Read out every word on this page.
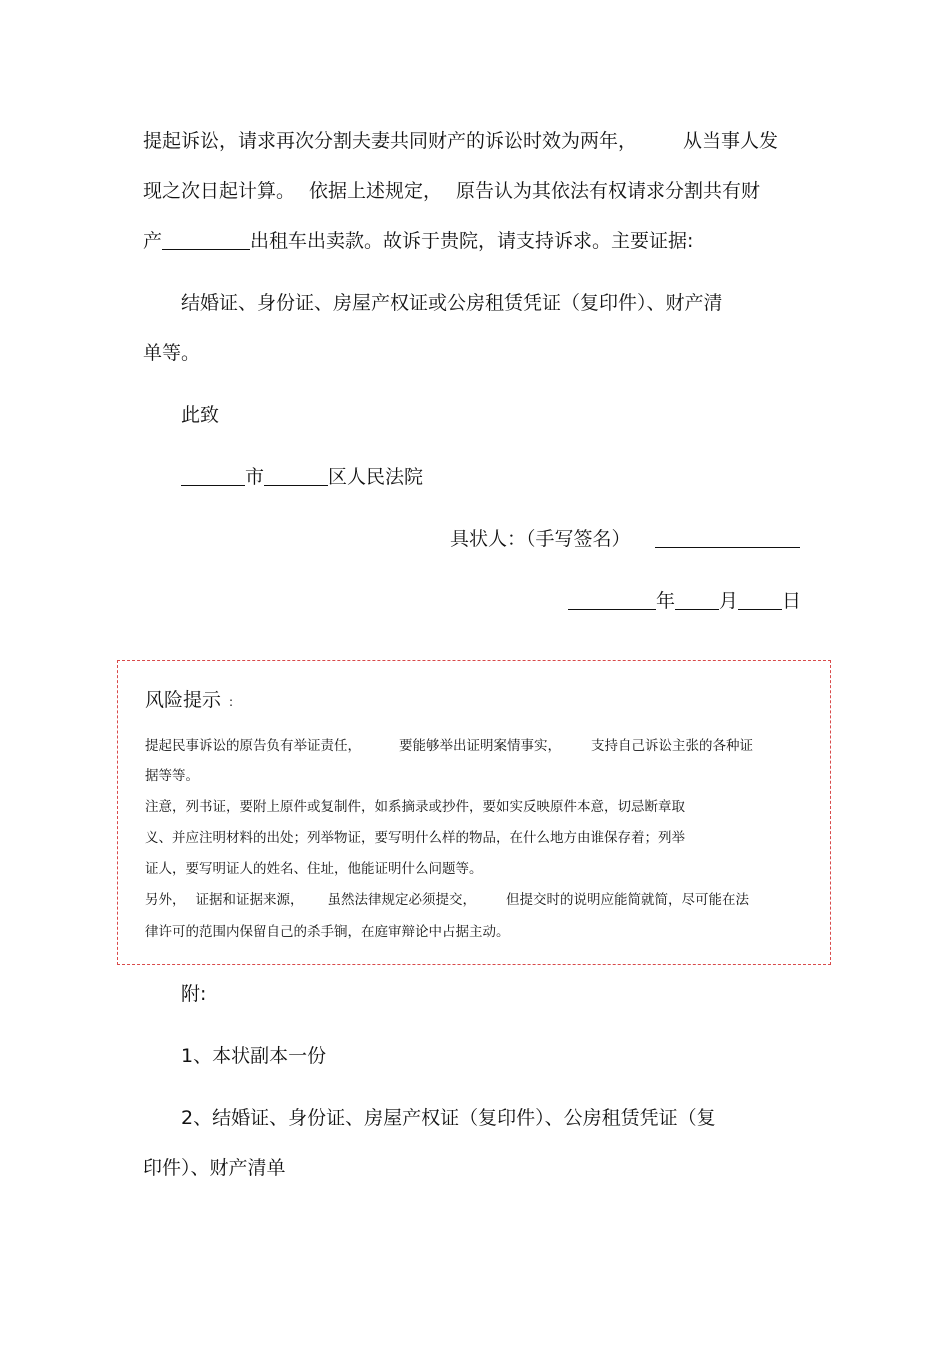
提起诉讼，请求再次分割夫妻共同财产的诉讼时效为两年， 从当事人发
现之次日起计算。 依据上述规定， 原告认为其依法有权请求分割共有财
产	出租车出卖款。故诉于贵院，请支持诉求。主要证据:
结婚证、身份证、房屋产权证或公房租赁凭证（复印件）、财产清
单等。
此致
市	区人民法院
具状人：（手写签名）
年 月 日
风险提示 :
提起民事诉讼的原告负有举证责任，	要能够举出证明案情事实， 支持自己诉讼主张的各种证
据等等。
注意，列书证，要附上原件或复制件，如系摘录或抄件，要如实反映原件本意，切忌断章取
义、并应注明材料的出处；列举物证，要写明什么样的物品，在什么地方由谁保存着；列举
证人，要写明证人的姓名、住址，他能证明什么问题等。
另外， 证据和证据来源， 虽然法律规定必须提交， 但提交时的说明应能简就简，尽可能在法
律许可的范围内保留自己的杀手锏，在庭审辩论中占据主动。
附:
1、本状副本一份
2、结婚证、身份证、房屋产权证（复印件）、公房租赁凭证（复
印件）、财产清单
